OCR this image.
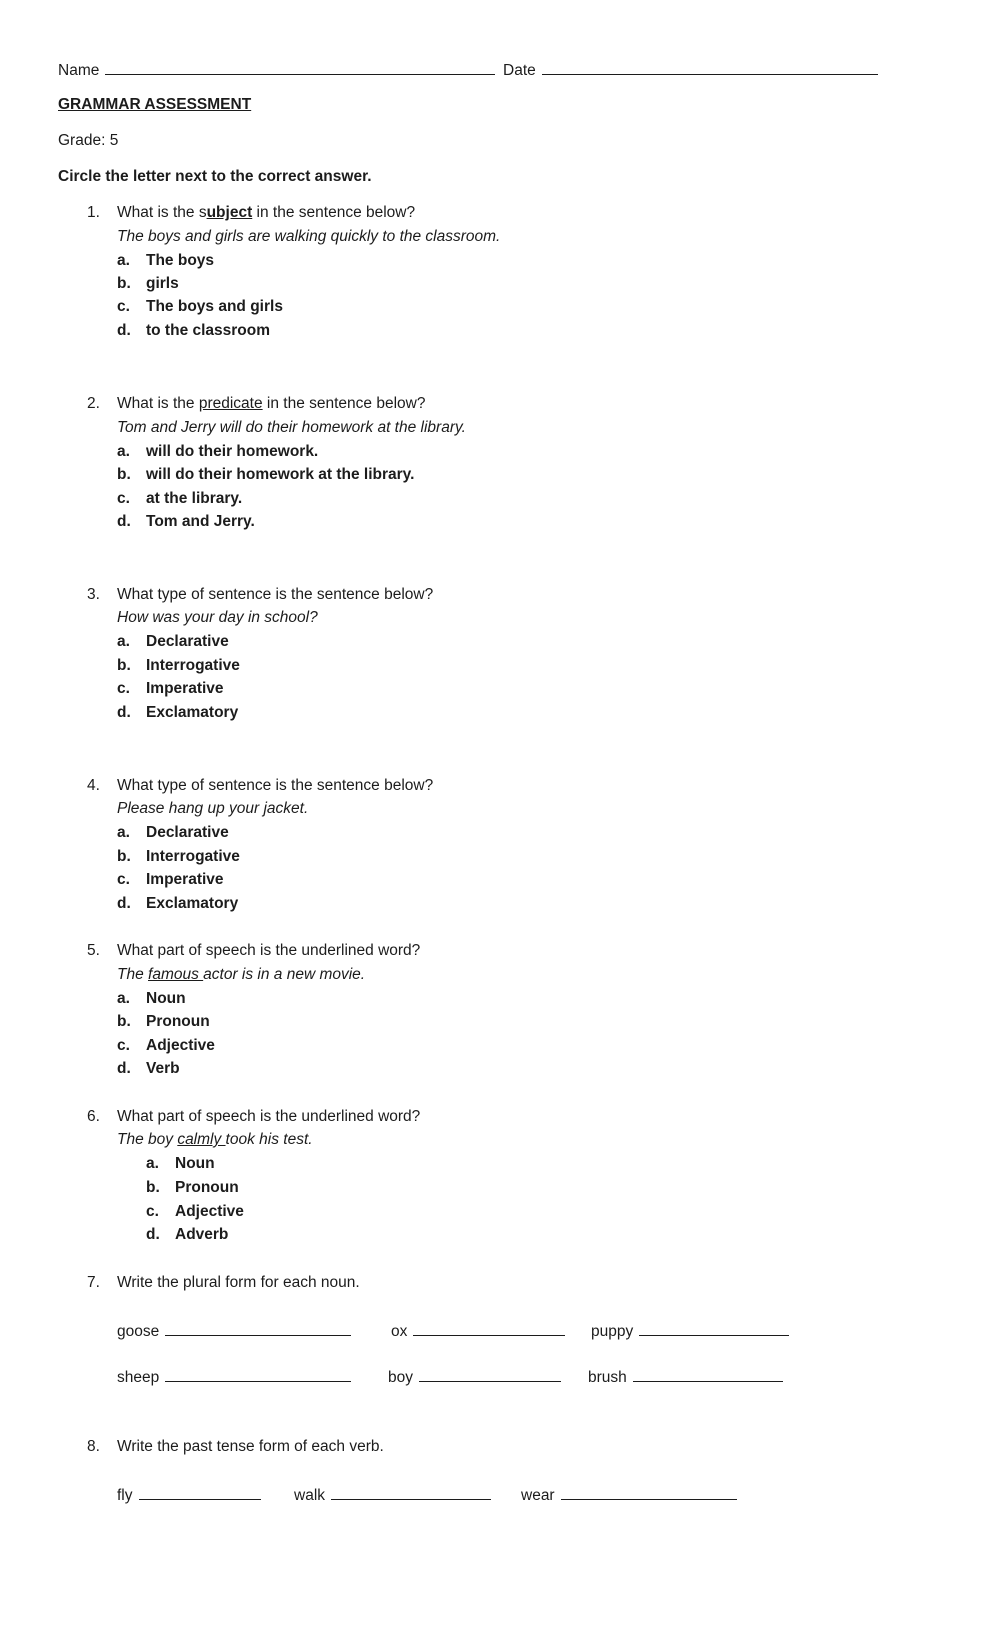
Name	Date
GRAMMAR ASSESSMENT
Grade: 5
Circle the letter next to the correct answer.
1. What is the subject in the sentence below?
The boys and girls are walking quickly to the classroom.
a. The boys
b. girls
c. The boys and girls
d. to the classroom
2. What is the predicate in the sentence below?
Tom and Jerry will do their homework at the library.
a. will do their homework.
b. will do their homework at the library.
c. at the library.
d. Tom and Jerry.
3. What type of sentence is the sentence below?
How was your day in school?
a. Declarative
b. Interrogative
c. Imperative
d. Exclamatory
4. What type of sentence is the sentence below?
Please hang up your jacket.
a. Declarative
b. Interrogative
c. Imperative
d. Exclamatory
5. What part of speech is the underlined word?
The famous actor is in a new movie.
a. Noun
b. Pronoun
c. Adjective
d. Verb
6. What part of speech is the underlined word?
The boy calmly took his test.
a. Noun
b. Pronoun
c. Adjective
d. Adverb
7. Write the plural form for each noun.
goose	ox	puppy
sheep	boy	brush
8. Write the past tense form of each verb.
fly	walk	wear
